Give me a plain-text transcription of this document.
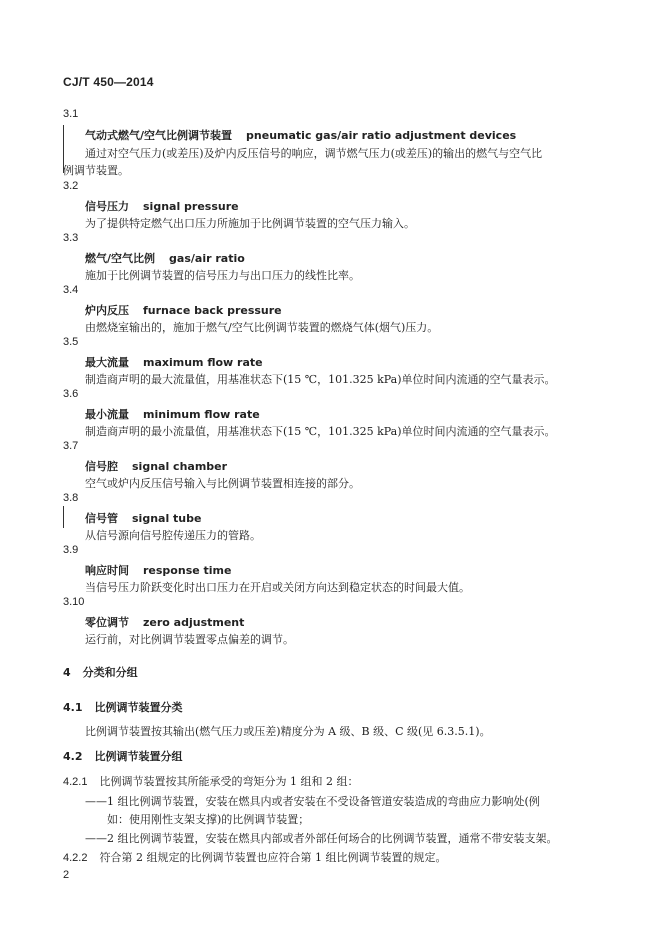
CJ/T 450—2014
3.1
气动式燃气/空气比例调节装置 pneumatic gas/air ratio adjustment devices
通过对空气压力(或差压)及炉内反压信号的响应，调节燃气压力(或差压)的输出的燃气与空气比
例调节装置。
3.2
信号压力 signal pressure
为了提供特定燃气出口压力所施加于比例调节装置的空气压力输入。
3.3
燃气/空气比例 gas/air ratio
施加于比例调节装置的信号压力与出口压力的线性比率。
3.4
炉内反压 furnace back pressure
由燃烧室输出的，施加于燃气/空气比例调节装置的燃烧气体(烟气)压力。
3.5
最大流量 maximum flow rate
制造商声明的最大流量值，用基准状态下(15 ℃，101.325 kPa)单位时间内流通的空气量表示。
3.6
最小流量 minimum flow rate
制造商声明的最小流量值，用基准状态下(15 ℃，101.325 kPa)单位时间内流通的空气量表示。
3.7
信号腔 signal chamber
空气或炉内反压信号输入与比例调节装置相连接的部分。
3.8
信号管 signal tube
从信号源向信号腔传递压力的管路。
3.9
响应时间 response time
当信号压力阶跃变化时出口压力在开启或关闭方向达到稳定状态的时间最大值。
3.10
零位调节 zero adjustment
运行前，对比例调节装置零点偏差的调节。
4 分类和分组
4.1 比例调节装置分类
比例调节装置按其输出(燃气压力或压差)精度分为 A 级、B 级、C 级(见 6.3.5.1)。
4.2 比例调节装置分组
4.2.1 比例调节装置按其所能承受的弯矩分为 1 组和 2 组：
——1 组比例调节装置，安装在燃具内或者安装在不受设备管道安装造成的弯曲应力影响处(例
如：使用刚性支架支撑)的比例调节装置；
——2 组比例调节装置，安装在燃具内部或者外部任何场合的比例调节装置，通常不带安装支架。
4.2.2 符合第 2 组规定的比例调节装置也应符合第 1 组比例调节装置的规定。
2
